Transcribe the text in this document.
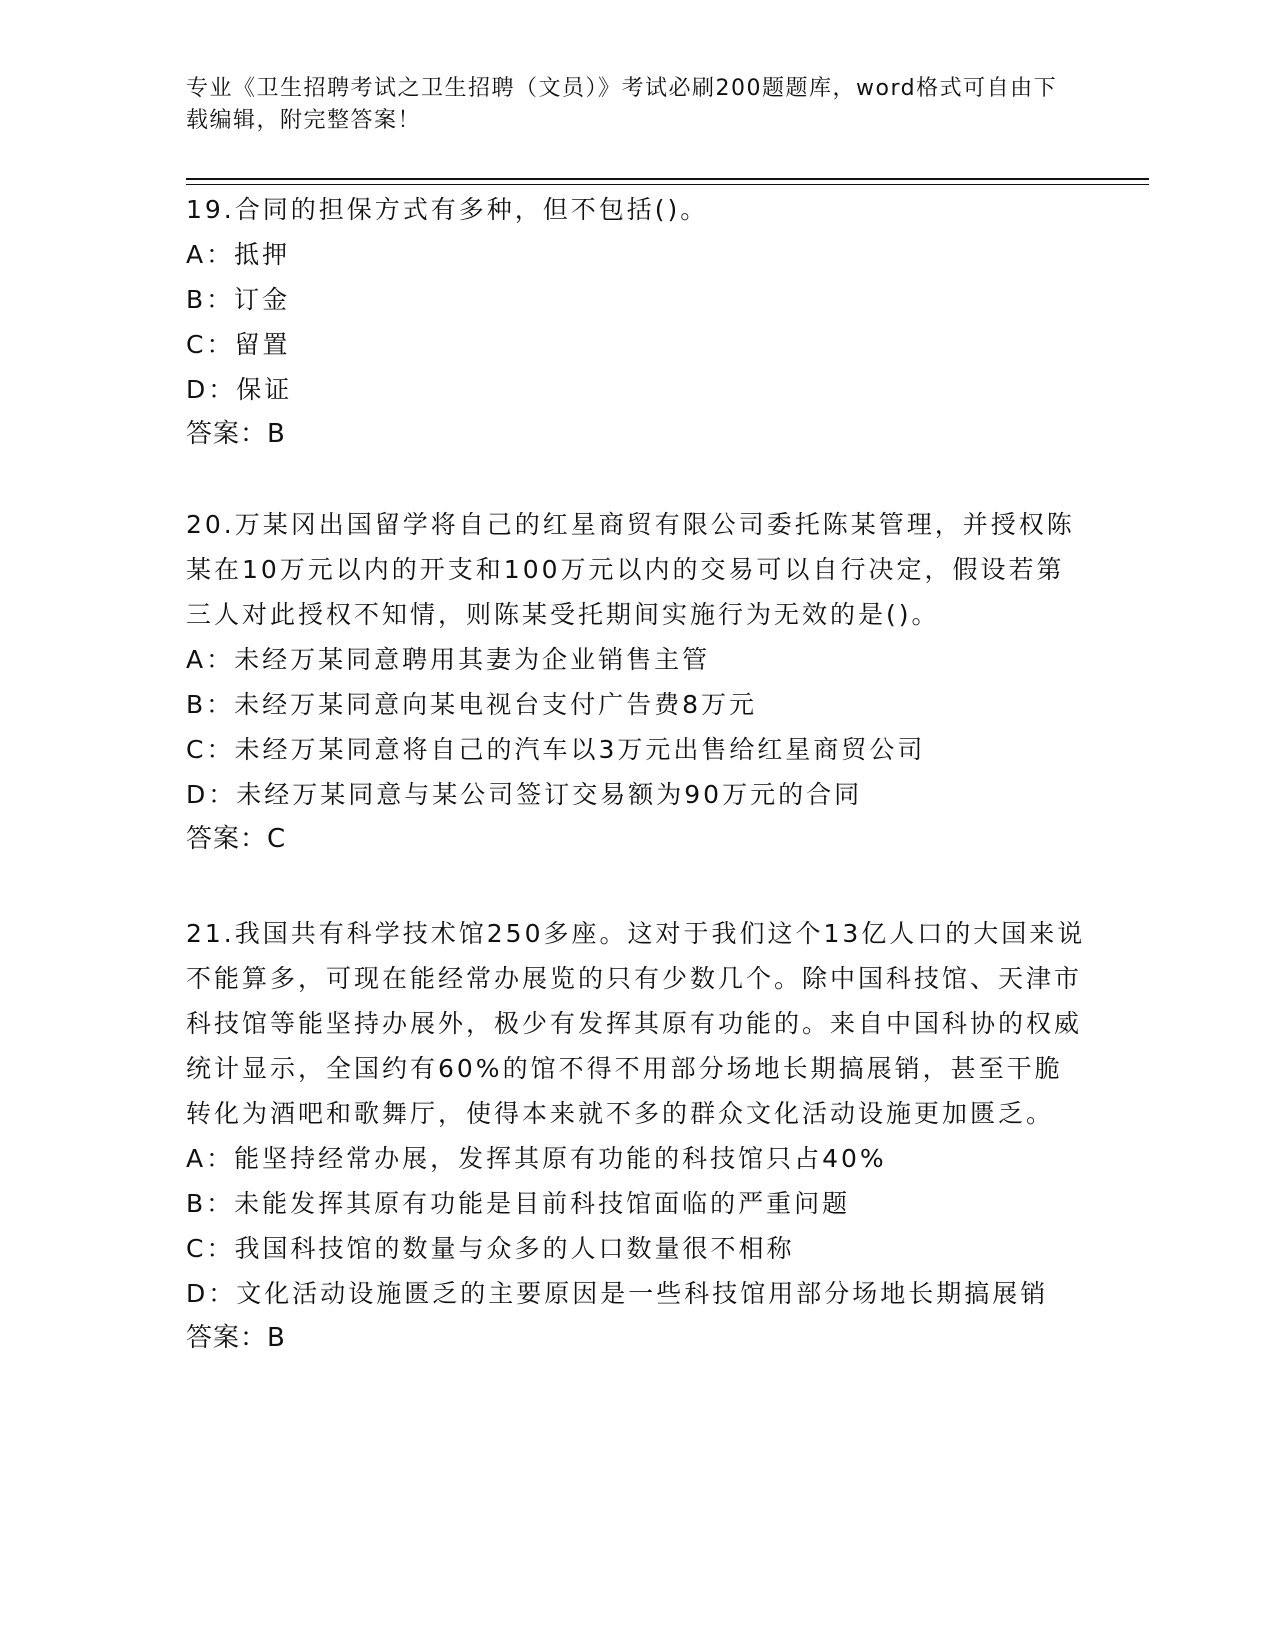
专业《卫生招聘考试之卫生招聘（文员）》考试必刷200题题库，word格式可自由下载编辑，附完整答案！

19.合同的担保方式有多种，但不包括()。

A：抵押

B：订金

C：留置

D：保证

答案：B

20.万某冈出国留学将自己的红星商贸有限公司委托陈某管理，并授权陈某在10万元以内的开支和100万元以内的交易可以自行决定，假设若第三人对此授权不知情，则陈某受托期间实施行为无效的是()。

A：未经万某同意聘用其妻为企业销售主管

B：未经万某同意向某电视台支付广告费8万元

C：未经万某同意将自己的汽车以3万元出售给红星商贸公司

D：未经万某同意与某公司签订交易额为90万元的合同

答案：C

21.我国共有科学技术馆250多座。这对于我们这个13亿人口的大国来说不能算多，可现在能经常办展览的只有少数几个。除中国科技馆、天津市科技馆等能坚持办展外，极少有发挥其原有功能的。来自中国科协的权威统计显示，全国约有60%的馆不得不用部分场地长期搞展销，甚至干脆转化为酒吧和歌舞厅，使得本来就不多的群众文化活动设施更加匮乏。

A：能坚持经常办展，发挥其原有功能的科技馆只占40%

B：未能发挥其原有功能是目前科技馆面临的严重问题

C：我国科技馆的数量与众多的人口数量很不相称

D：文化活动设施匮乏的主要原因是一些科技馆用部分场地长期搞展销

答案：B
